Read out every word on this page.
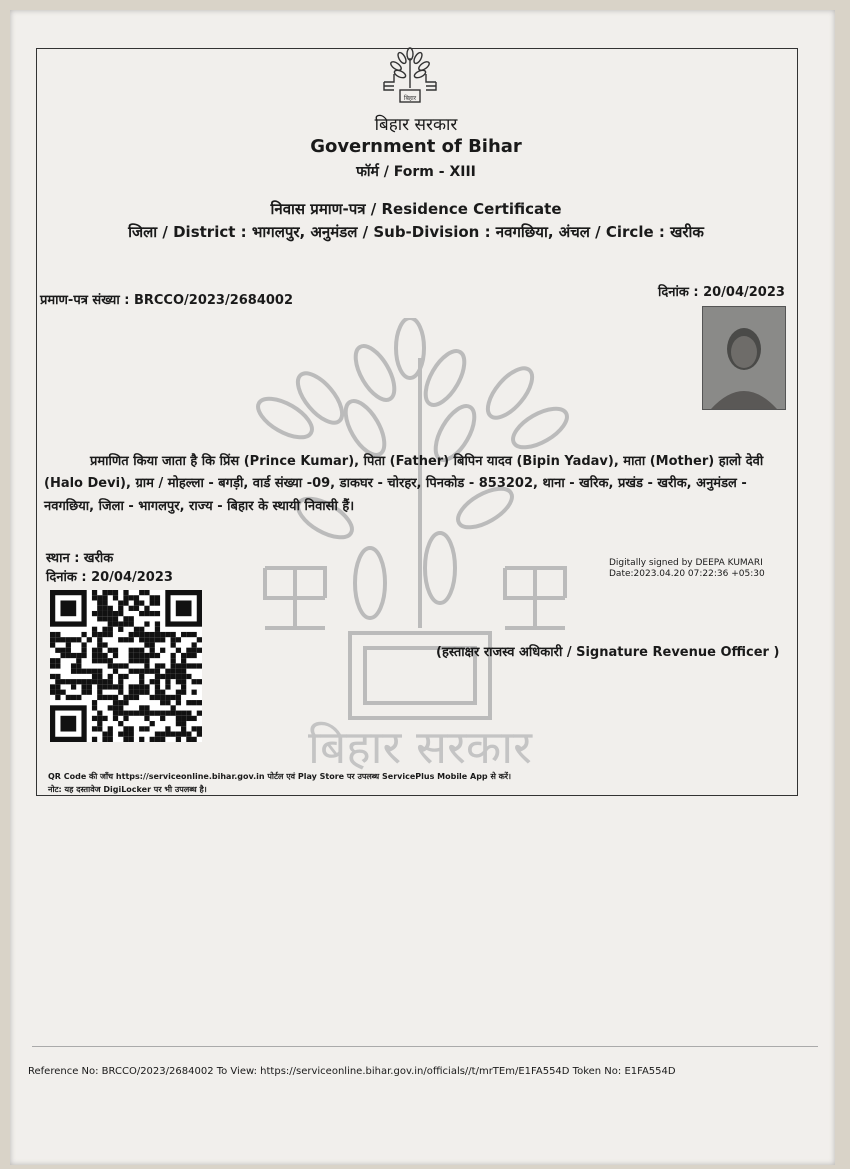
बिहार
बिहार सरकार
Government of Bihar
फॉर्म / Form - XIII
निवास प्रमाण-पत्र / Residence Certificate
जिला / District : भागलपुर, अनुमंडल / Sub-Division : नवगछिया, अंचल / Circle : खरीक
प्रमाण-पत्र संख्या : BRCCO/2023/2684002
दिनांक : 20/04/2023
बिहार सरकार
प्रमाणित किया जाता है कि प्रिंस (Prince Kumar), पिता (Father) बिपिन यादव (Bipin Yadav), माता (Mother) हालो देवी
(Halo Devi), ग्राम / मोहल्ला - बगड़ी, वार्ड संख्या -09, डाकघर - चोरहर, पिनकोड - 853202, थाना - खरिक, प्रखंड - खरीक, अनुमंडल -
नवगछिया, जिला - भागलपुर, राज्य - बिहार के स्थायी निवासी हैं।
स्थान : खरीक
दिनांक : 20/04/2023
Digitally signed by DEEPA KUMARI
Date:2023.04.20 07:22:36 +05:30
(हस्ताक्षर राजस्व अधिकारी / Signature Revenue Officer )
QR Code की जाँच https://serviceonline.bihar.gov.in पोर्टल एवं Play Store पर उपलब्ध ServicePlus Mobile App से करें।
नोट: यह दस्तावेज DigiLocker पर भी उपलब्ध है।
Reference No: BRCCO/2023/2684002 To View: https://serviceonline.bihar.gov.in/officials//t/mrTEm/E1FA554D Token No: E1FA554D
